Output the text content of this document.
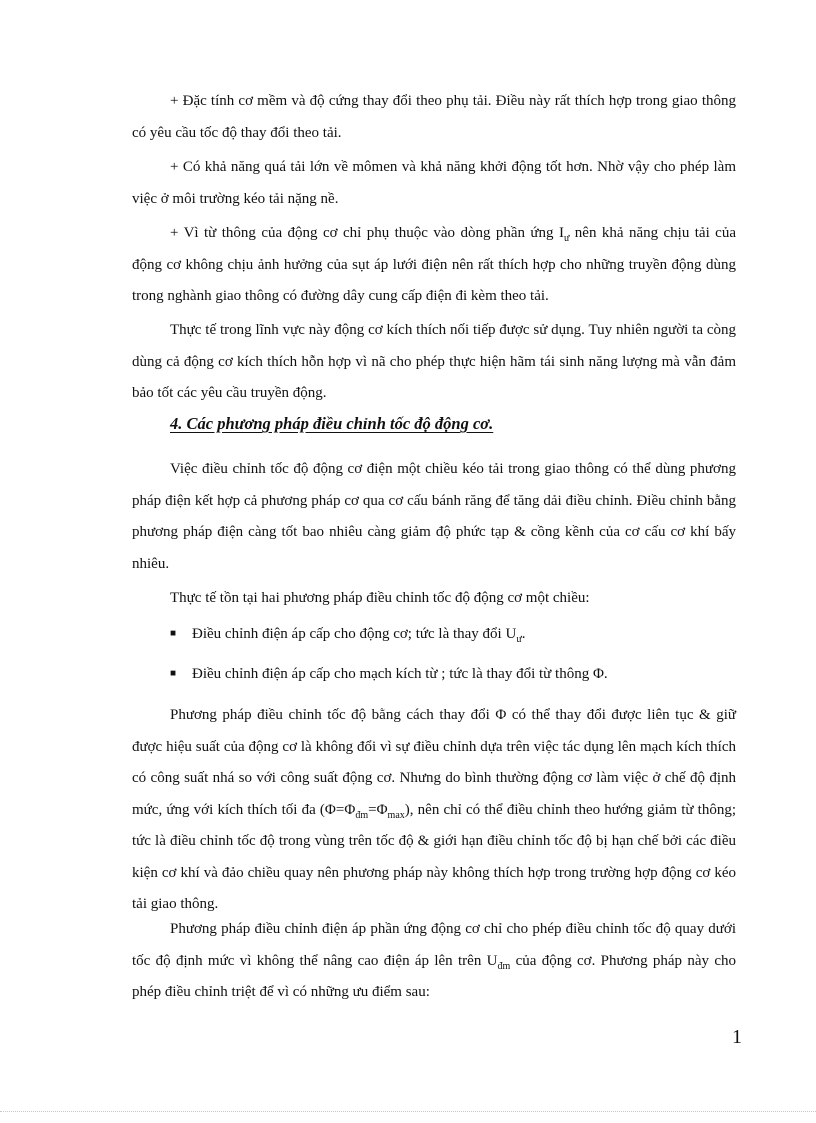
+ Đặc tính cơ mềm và độ cứng thay đổi theo phụ tải. Điều này rất thích hợp trong giao thông có yêu cầu tốc độ thay đổi theo tải.

+ Có khả năng quá tải lớn về mômen và khả năng khởi động tốt hơn. Nhờ vậy cho phép làm việc ở môi trường kéo tải nặng nề.

+ Vì từ thông của động cơ chỉ phụ thuộc vào dòng phần ứng $I_ư$ nên khả năng chịu tải của động cơ không chịu ảnh hưởng của sụt áp lưới điện nên rất thích hợp cho những truyền động dùng trong nghành giao thông có đường dây cung cấp điện đi kèm theo tải.

Thực tế trong lĩnh vực này động cơ kích thích nối tiếp được sử dụng. Tuy nhiên người ta còng dùng cả động cơ kích thích hỗn hợp vì nã cho phép thực hiện hãm tái sinh năng lượng mà vẫn đảm bảo tốt các yêu cầu truyền động.

4. Các phương pháp điều chỉnh tốc độ động cơ.

Việc điều chỉnh tốc độ động cơ điện một chiều kéo tải trong giao thông có thể dùng phương pháp điện kết hợp cả phương pháp cơ qua cơ cấu bánh răng để tăng dải điều chỉnh. Điều chỉnh bằng phương pháp điện càng tốt bao nhiêu càng giảm độ phức tạp & cồng kềnh của cơ cấu cơ khí bấy nhiêu.

Thực tế tồn tại hai phương pháp điều chỉnh tốc độ động cơ một chiều:

■ Điều chỉnh điện áp cấp cho động cơ; tức là thay đổi $U_ư$.

■ Điều chỉnh điện áp cấp cho mạch kích từ ; tức là thay đổi từ thông Φ.

Phương pháp điều chỉnh tốc độ bằng cách thay đổi Φ có thể thay đổi được liên tục & giữ được hiệu suất của động cơ là không đổi vì sự điều chỉnh dựa trên việc tác dụng lên mạch kích thích có công suất nhá so với công suất động cơ. Nhưng do bình thường động cơ làm việc ở chế độ định mức, ứng với kích thích tối đa $(\Phi=\Phi_{đm}=\Phi_{max})$, nên chỉ có thể điều chỉnh theo hướng giảm từ thông; tức là điều chỉnh tốc độ trong vùng trên tốc độ & giới hạn điều chỉnh tốc độ bị hạn chế bởi các điều kiện cơ khí và đảo chiều quay nên phương pháp này không thích hợp trong trường hợp động cơ kéo tải giao thông.

Phương pháp điều chỉnh điện áp phần ứng động cơ chỉ cho phép điều chỉnh tốc độ quay dưới tốc độ định mức vì không thể nâng cao điện áp lên trên $U_{đm}$ của động cơ. Phương pháp này cho phép điều chỉnh triệt để vì có những ưu điểm sau:

1
